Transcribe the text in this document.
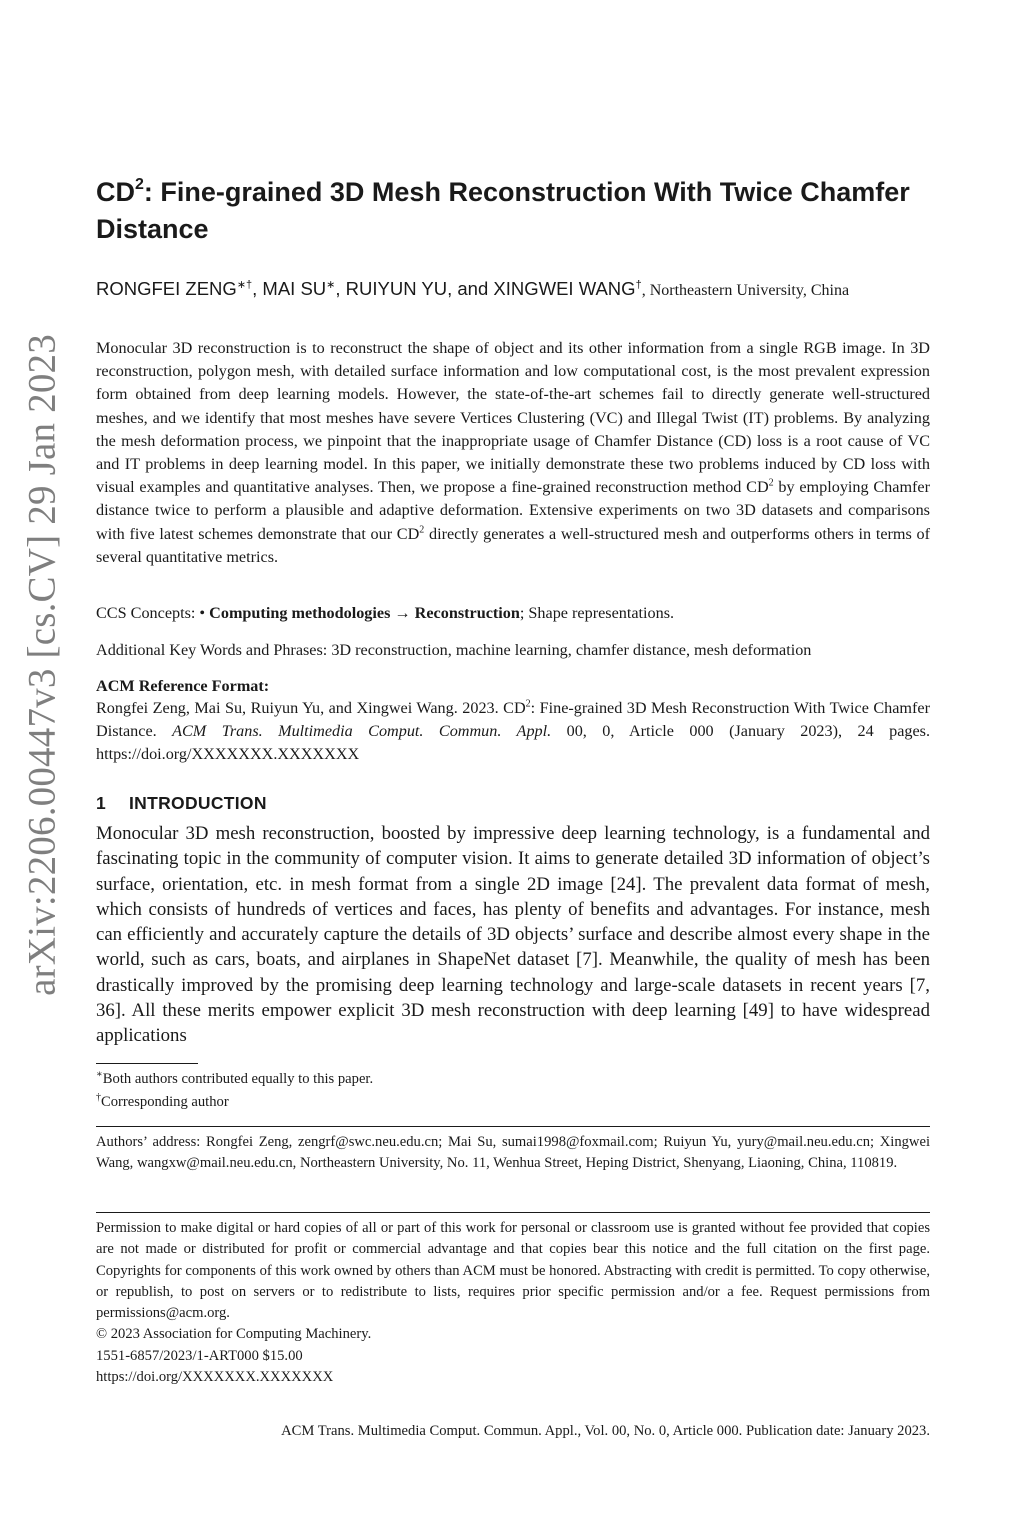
arXiv:2206.00447v3 [cs.CV] 29 Jan 2023
$CD^2$: Fine-grained 3D Mesh Reconstruction With Twice Chamfer Distance
RONGFEI ZENG∗†, MAI SU∗, RUIYUN YU, and XINGWEI WANG†, Northeastern University, China
Monocular 3D reconstruction is to reconstruct the shape of object and its other information from a single RGB image. In 3D reconstruction, polygon mesh, with detailed surface information and low computational cost, is the most prevalent expression form obtained from deep learning models. However, the state-of-the-art schemes fail to directly generate well-structured meshes, and we identify that most meshes have severe Vertices Clustering (VC) and Illegal Twist (IT) problems. By analyzing the mesh deformation process, we pinpoint that the inappropriate usage of Chamfer Distance (CD) loss is a root cause of VC and IT problems in deep learning model. In this paper, we initially demonstrate these two problems induced by CD loss with visual examples and quantitative analyses. Then, we propose a fine-grained reconstruction method $CD^2$ by employing Chamfer distance twice to perform a plausible and adaptive deformation. Extensive experiments on two 3D datasets and comparisons with five latest schemes demonstrate that our $CD^2$ directly generates a well-structured mesh and outperforms others in terms of several quantitative metrics.
CCS Concepts: • Computing methodologies → Reconstruction; Shape representations.
Additional Key Words and Phrases: 3D reconstruction, machine learning, chamfer distance, mesh deformation
ACM Reference Format:
Rongfei Zeng, Mai Su, Ruiyun Yu, and Xingwei Wang. 2023. $CD^2$: Fine-grained 3D Mesh Reconstruction With Twice Chamfer Distance. ACM Trans. Multimedia Comput. Commun. Appl. 00, 0, Article 000 (January 2023), 24 pages. https://doi.org/XXXXXXX.XXXXXXX
1 INTRODUCTION
Monocular 3D mesh reconstruction, boosted by impressive deep learning technology, is a fundamental and fascinating topic in the community of computer vision. It aims to generate detailed 3D information of object’s surface, orientation, etc. in mesh format from a single 2D image [24]. The prevalent data format of mesh, which consists of hundreds of vertices and faces, has plenty of benefits and advantages. For instance, mesh can efficiently and accurately capture the details of 3D objects’ surface and describe almost every shape in the world, such as cars, boats, and airplanes in ShapeNet dataset [7]. Meanwhile, the quality of mesh has been drastically improved by the promising deep learning technology and large-scale datasets in recent years [7, 36]. All these merits empower explicit 3D mesh reconstruction with deep learning [49] to have widespread applications
∗Both authors contributed equally to this paper.
†Corresponding author
Authors’ address: Rongfei Zeng, zengrf@swc.neu.edu.cn; Mai Su, sumai1998@foxmail.com; Ruiyun Yu, yury@mail.neu.edu.cn; Xingwei Wang, wangxw@mail.neu.edu.cn, Northeastern University, No. 11, Wenhua Street, Heping District, Shenyang, Liaoning, China, 110819.
Permission to make digital or hard copies of all or part of this work for personal or classroom use is granted without fee provided that copies are not made or distributed for profit or commercial advantage and that copies bear this notice and the full citation on the first page. Copyrights for components of this work owned by others than ACM must be honored. Abstracting with credit is permitted. To copy otherwise, or republish, to post on servers or to redistribute to lists, requires prior specific permission and/or a fee. Request permissions from permissions@acm.org.
© 2023 Association for Computing Machinery.
1551-6857/2023/1-ART000 $15.00
https://doi.org/XXXXXXX.XXXXXXX
ACM Trans. Multimedia Comput. Commun. Appl., Vol. 00, No. 0, Article 000. Publication date: January 2023.
